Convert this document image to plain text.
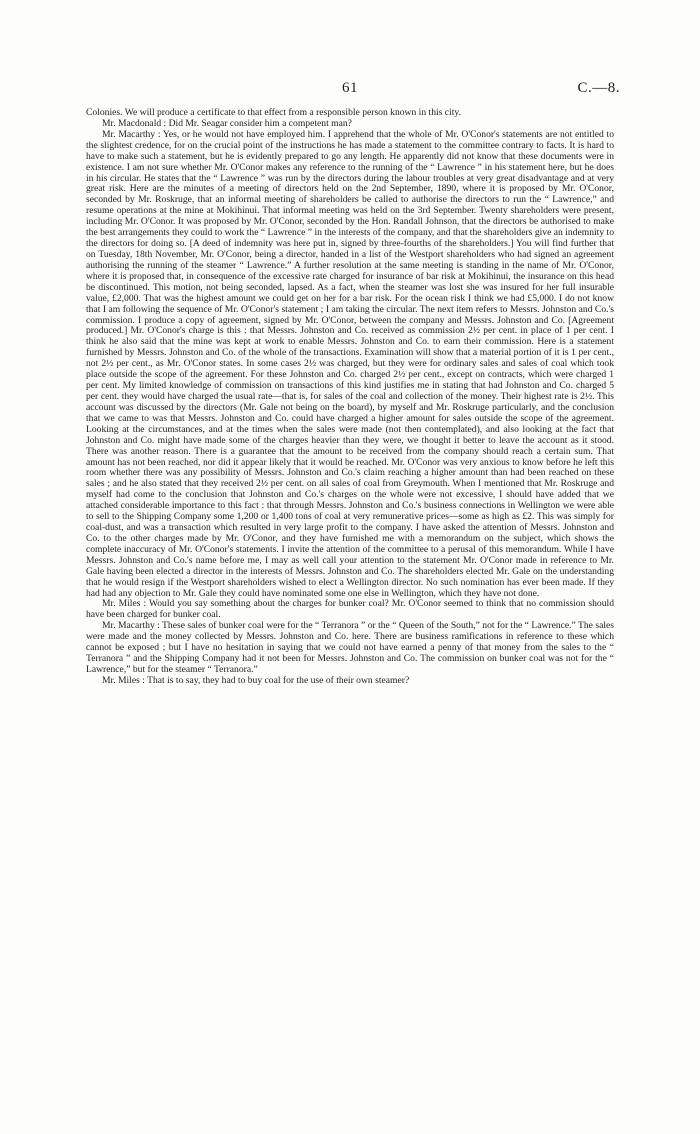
61	C.—8.

Colonies. We will produce a certificate to that effect from a responsible person known in this city.

Mr. Macdonald : Did Mr. Seagar consider him a competent man?

Mr. Macarthy : Yes, or he would not have employed him. I apprehend that the whole of Mr. O'Conor's statements are not entitled to the slightest credence, for on the crucial point of the instructions he has made a statement to the committee contrary to facts. It is hard to have to make such a statement, but he is evidently prepared to go any length. He apparently did not know that these documents were in existence. I am not sure whether Mr. O'Conor makes any reference to the running of the “ Lawrence ” in his statement here, but he does in his circular. He states that the “ Lawrence ” was run by the directors during the labour troubles at very great disadvantage and at very great risk. Here are the minutes of a meeting of directors held on the 2nd September, 1890, where it is proposed by Mr. O'Conor, seconded by Mr. Roskruge, that an informal meeting of shareholders be called to authorise the directors to run the “ Lawrence,” and resume operations at the mine at Mokihinui. That informal meeting was held on the 3rd September. Twenty shareholders were present, including Mr. O'Conor. It was proposed by Mr. O'Conor, seconded by the Hon. Randall Johnson, that the directors be authorised to make the best arrangements they could to work the “ Lawrence ” in the interests of the company, and that the shareholders give an indemnity to the directors for doing so. [A deed of indemnity was here put in, signed by three-fourths of the shareholders.] You will find further that on Tuesday, 18th November, Mr. O'Conor, being a director, handed in a list of the Westport shareholders who had signed an agreement authorising the running of the steamer “ Lawrence.” A further resolution at the same meeting is standing in the name of Mr. O'Conor, where it is proposed that, in consequence of the excessive rate charged for insurance of bar risk at Mokihinui, the insurance on this head be discontinued. This motion, not being seconded, lapsed. As a fact, when the steamer was lost she was insured for her full insurable value, £2,000. That was the highest amount we could get on her for a bar risk. For the ocean risk I think we had £5,000. I do not know that I am following the sequence of Mr. O'Conor's statement ; I am taking the circular. The next item refers to Messrs. Johnston and Co.'s commission. I produce a copy of agreement, signed by Mr. O'Conor, between the company and Messrs. Johnston and Co. [Agreement produced.] Mr. O'Conor's charge is this : that Messrs. Johnston and Co. received as commission 2½ per cent. in place of 1 per cent. I think he also said that the mine was kept at work to enable Messrs. Johnston and Co. to earn their commission. Here is a statement furnished by Messrs. Johnston and Co. of the whole of the transactions. Examination will show that a material portion of it is 1 per cent., not 2½ per cent., as Mr. O'Conor states. In some cases 2½ was charged, but they were for ordinary sales and sales of coal which took place outside the scope of the agreement. For these Johnston and Co. charged 2½ per cent., except on contracts, which were charged 1 per cent. My limited knowledge of commission on transactions of this kind justifies me in stating that had Johnston and Co. charged 5 per cent. they would have charged the usual rate—that is, for sales of the coal and collection of the money. Their highest rate is 2½. This account was discussed by the directors (Mr. Gale not being on the board), by myself and Mr. Roskruge particularly, and the conclusion that we came to was that Messrs. Johnston and Co. could have charged a higher amount for sales outside the scope of the agreement. Looking at the circumstances, and at the times when the sales were made (not then contemplated), and also looking at the fact that Johnston and Co. might have made some of the charges heavier than they were, we thought it better to leave the account as it stood. There was another reason. There is a guarantee that the amount to be received from the company should reach a certain sum. That amount has not been reached, nor did it appear likely that it would be reached. Mr. O'Conor was very anxious to know before he left this room whether there was any possibility of Messrs. Johnston and Co.'s claim reaching a higher amount than had been reached on these sales ; and he also stated that they received 2½ per cent. on all sales of coal from Greymouth. When I mentioned that Mr. Roskruge and myself had come to the conclusion that Johnston and Co.'s charges on the whole were not excessive, I should have added that we attached considerable importance to this fact : that through Messrs. Johnston and Co.'s business connections in Wellington we were able to sell to the Shipping Company some 1,200 or 1,400 tons of coal at very remunerative prices—some as high as £2. This was simply for coal-dust, and was a transaction which resulted in very large profit to the company. I have asked the attention of Messrs. Johnston and Co. to the other charges made by Mr. O'Conor, and they have furnished me with a memorandum on the subject, which shows the complete inaccuracy of Mr. O'Conor's statements. I invite the attention of the committee to a perusal of this memorandum. While I have Messrs. Johnston and Co.'s name before me, I may as well call your attention to the statement Mr. O'Conor made in reference to Mr. Gale having been elected a director in the interests of Messrs. Johnston and Co. The shareholders elected Mr. Gale on the understanding that he would resign if the Westport shareholders wished to elect a Wellington director. No such nomination has ever been made. If they had had any objection to Mr. Gale they could have nominated some one else in Wellington, which they have not done.

Mr. Miles : Would you say something about the charges for bunker coal? Mr. O'Conor seemed to think that no commission should have been charged for bunker coal.

Mr. Macarthy : These sales of bunker coal were for the “ Terranora ” or the “ Queen of the South,” not for the “ Lawrence.” The sales were made and the money collected by Messrs. Johnston and Co. here. There are business ramifications in reference to these which cannot be exposed ; but I have no hesitation in saying that we could not have earned a penny of that money from the sales to the “ Terranora ” and the Shipping Company had it not been for Messrs. Johnston and Co. The commission on bunker coal was not for the “ Lawrence,” but for the steamer “ Terranora.”

Mr. Miles : That is to say, they had to buy coal for the use of their own steamer?
